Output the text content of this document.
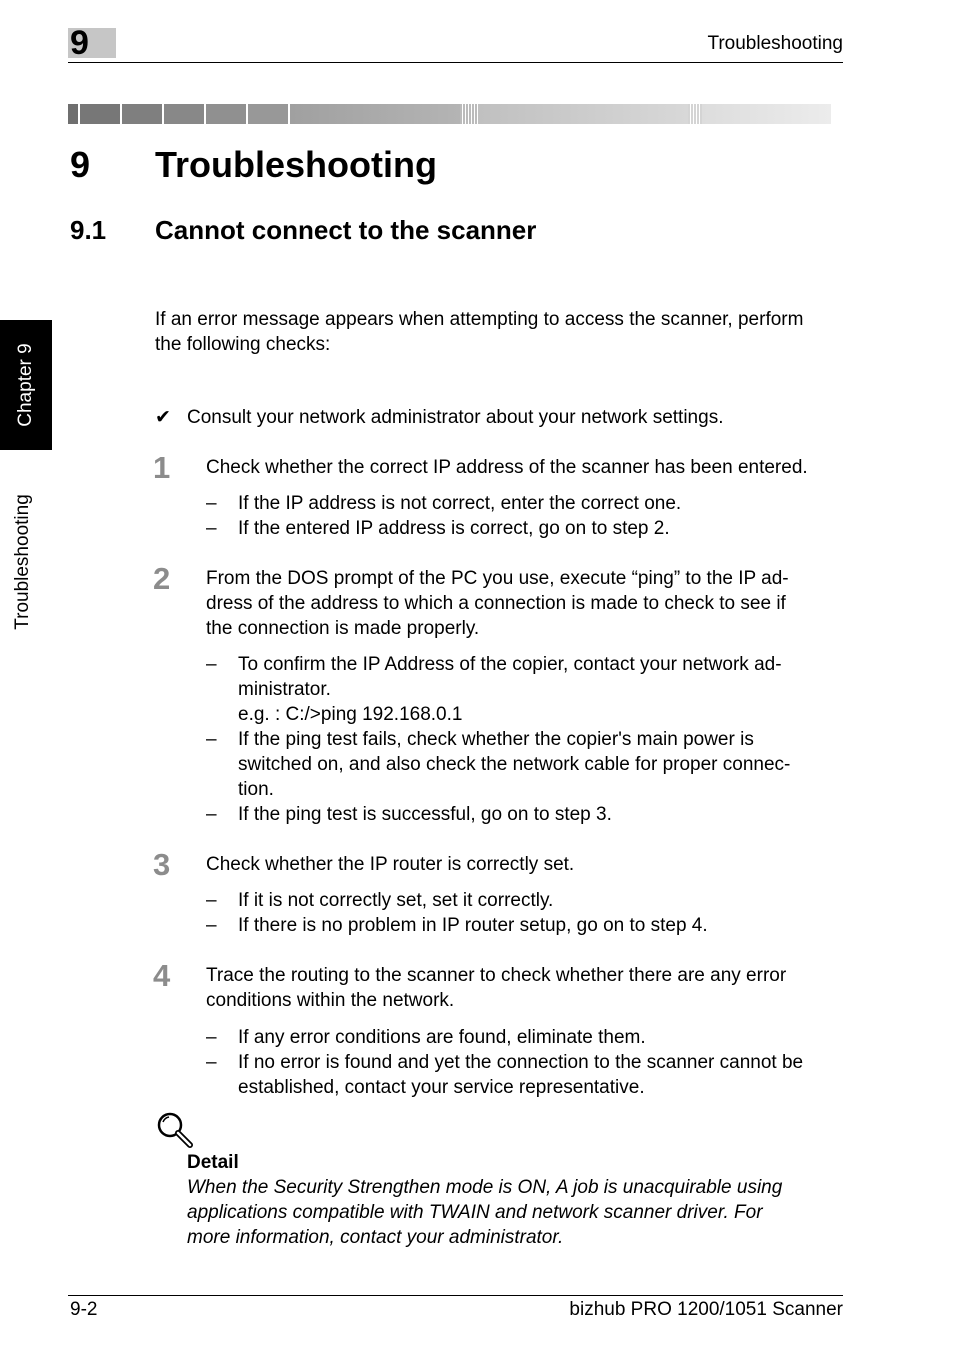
9	Troubleshooting
9 Troubleshooting
9.1 Cannot connect to the scanner
Chapter 9
Troubleshooting
If an error message appears when attempting to access the scanner, perform
the following checks:
✔ Consult your network administrator about your network settings.
1 Check whether the correct IP address of the scanner has been entered.
– If the IP address is not correct, enter the correct one.
– If the entered IP address is correct, go on to step 2.
2 From the DOS prompt of the PC you use, execute “ping” to the IP ad-
dress of the address to which a connection is made to check to see if
the connection is made properly.
– To confirm the IP Address of the copier, contact your network ad-
ministrator.
e.g. : C:/>ping 192.168.0.1
– If the ping test fails, check whether the copier's main power is
switched on, and also check the network cable for proper connec-
tion.
– If the ping test is successful, go on to step 3.
3 Check whether the IP router is correctly set.
– If it is not correctly set, set it correctly.
– If there is no problem in IP router setup, go on to step 4.
4 Trace the routing to the scanner to check whether there are any error
conditions within the network.
– If any error conditions are found, eliminate them.
– If no error is found and yet the connection to the scanner cannot be
established, contact your service representative.
Detail
When the Security Strengthen mode is ON, A job is unacquirable using
applications compatible with TWAIN and network scanner driver. For
more information, contact your administrator.
9-2	bizhub PRO 1200/1051 Scanner
